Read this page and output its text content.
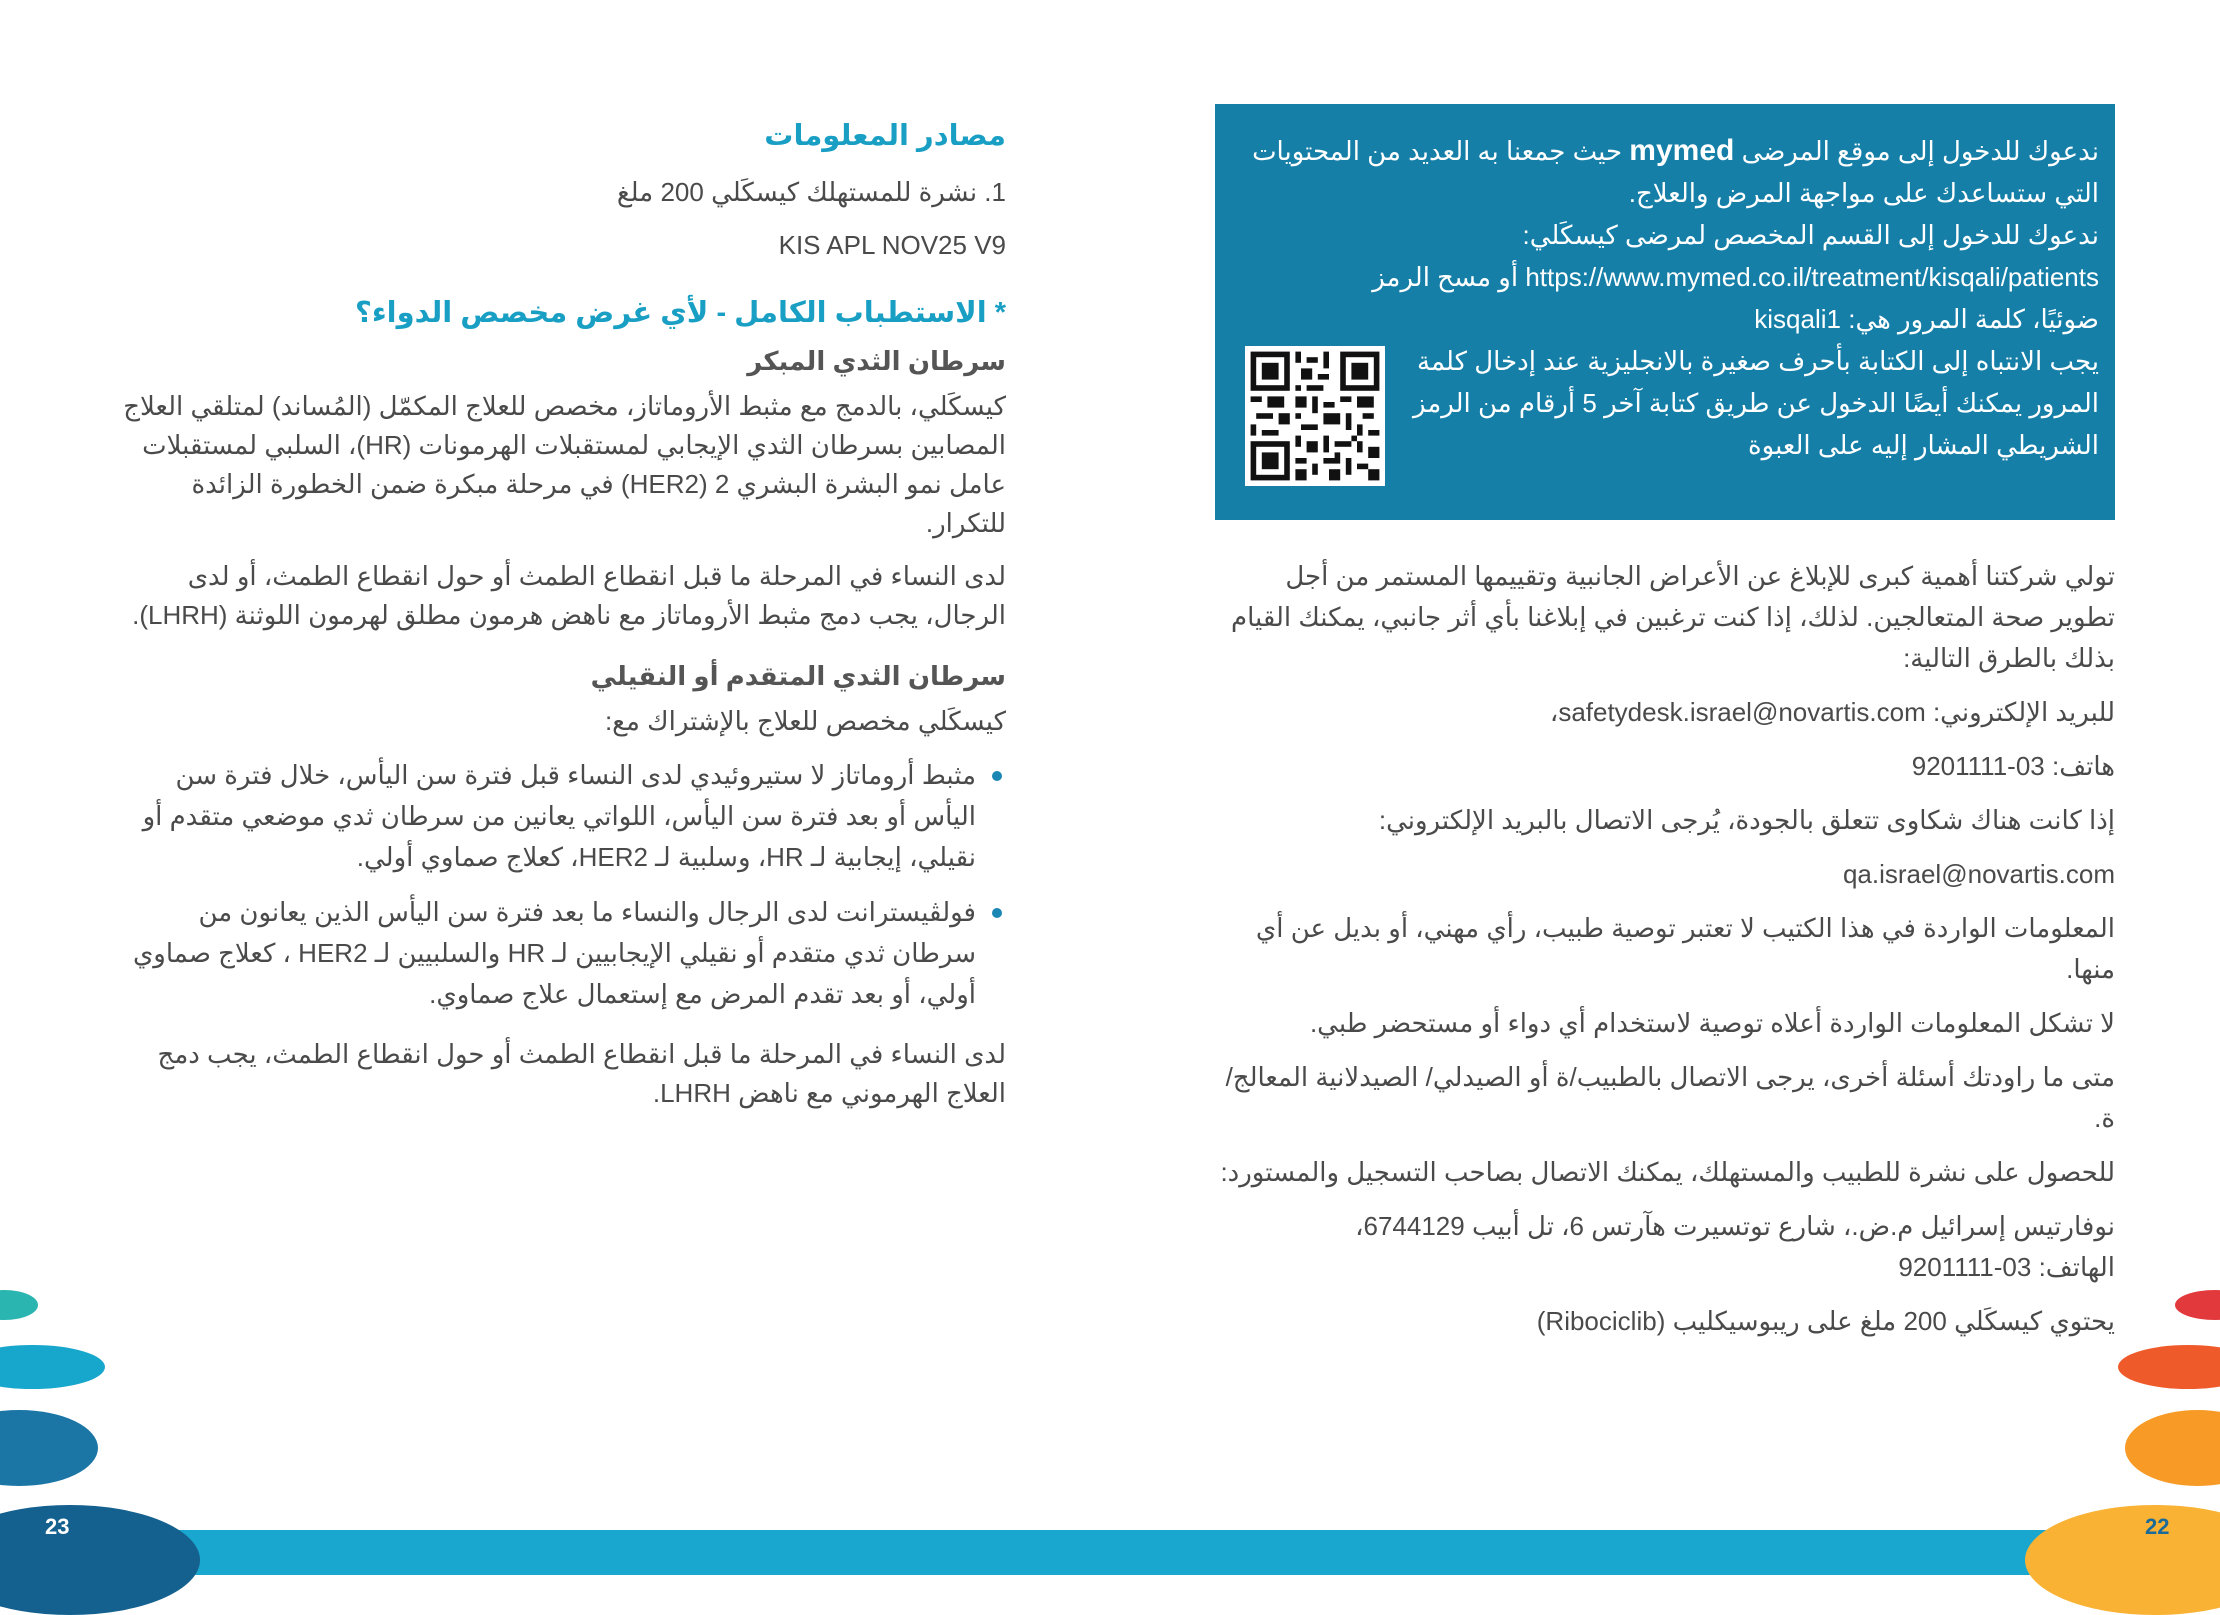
مصادر المعلومات

1. نشرة للمستهلك كيسكَلي 200 ملغ

KIS APL NOV25 V9

* الاستطباب الكامل - لأي غرض مخصص الدواء؟
سرطان الثدي المبكر

كيسكَلي، بالدمج مع مثبط الأروماتاز، مخصص للعلاج المكمّل (المُساند) لمتلقي العلاج المصابين بسرطان الثدي الإيجابي لمستقبلات الهرمونات (HR)، السلبي لمستقبلات عامل نمو البشرة البشري 2 (HER2) في مرحلة مبكرة ضمن الخطورة الزائدة للتكرار.

لدى النساء في المرحلة ما قبل انقطاع الطمث أو حول انقطاع الطمث، أو لدى الرجال، يجب دمج مثبط الأروماتاز مع ناهض هرمون مطلق لهرمون اللوثنة (LHRH).

سرطان الثدي المتقدم أو النقيلي

كيسكَلي مخصص للعلاج بالإشتراك مع:

مثبط أروماتاز لا ستيروئيدي لدى النساء قبل فترة سن اليأس، خلال فترة سن اليأس أو بعد فترة سن اليأس، اللواتي يعانين من سرطان ثدي موضعي متقدم أو نقيلي، إيجابية لـ HR، وسلبية لـ HER2، كعلاج صماوي أولي.
فولڤيسترانت لدى الرجال والنساء ما بعد فترة سن اليأس الذين يعانون من سرطان ثدي متقدم أو نقيلي الإيجابيين لـ HR والسلبيين لـ HER2 ، كعلاج صماوي أولي، أو بعد تقدم المرض مع إستعمال علاج صماوي.

لدى النساء في المرحلة ما قبل انقطاع الطمث أو حول انقطاع الطمث، يجب دمج العلاج الهرموني مع ناهض LHRH.

ندعوك للدخول إلى موقع المرضى mymed حيث جمعنا به العديد من المحتويات التي ستساعدك على مواجهة المرض والعلاج.

ندعوك للدخول إلى القسم المخصص لمرضى كيسكَلي:

https://www.mymed.co.il/treatment/kisqali/patients أو مسح الرمز

ضوئيًا، كلمة المرور هي: kisqali1

يجب الانتباه إلى الكتابة بأحرف صغيرة بالانجليزية عند إدخال كلمة المرور يمكنك أيضًا الدخول عن طريق كتابة آخر 5 أرقام من الرمز الشريطي المشار إليه على العبوة

تولي شركتنا أهمية كبرى للإبلاغ عن الأعراض الجانبية وتقييمها المستمر من أجل تطوير صحة المتعالجين. لذلك، إذا كنت ترغبين في إبلاغنا بأي أثر جانبي، يمكنك القيام بذلك بالطرق التالية:

للبريد الإلكتروني: safetydesk.israel@novartis.com،

هاتف: 03-9201111

إذا كانت هناك شكاوى تتعلق بالجودة، يُرجى الاتصال بالبريد الإلكتروني:

qa.israel@novartis.com

المعلومات الواردة في هذا الكتيب لا تعتبر توصية طبيب، رأي مهني، أو بديل عن أي منها.

لا تشكل المعلومات الواردة أعلاه توصية لاستخدام أي دواء أو مستحضر طبي.

متى ما راودتك أسئلة أخرى، يرجى الاتصال بالطبيب/ة أو الصيدلي/ الصيدلانية المعالج/ة.

للحصول على نشرة للطبيب والمستهلك، يمكنك الاتصال بصاحب التسجيل والمستورد:

نوفارتيس إسرائيل م.ض.، شارع توتسيرت هآرتس 6، تل أبيب 6744129،

الهاتف: 03-9201111

يحتوي كيسكَلي 200 ملغ على ريبوسيكليب (Ribociclib)

23	22
